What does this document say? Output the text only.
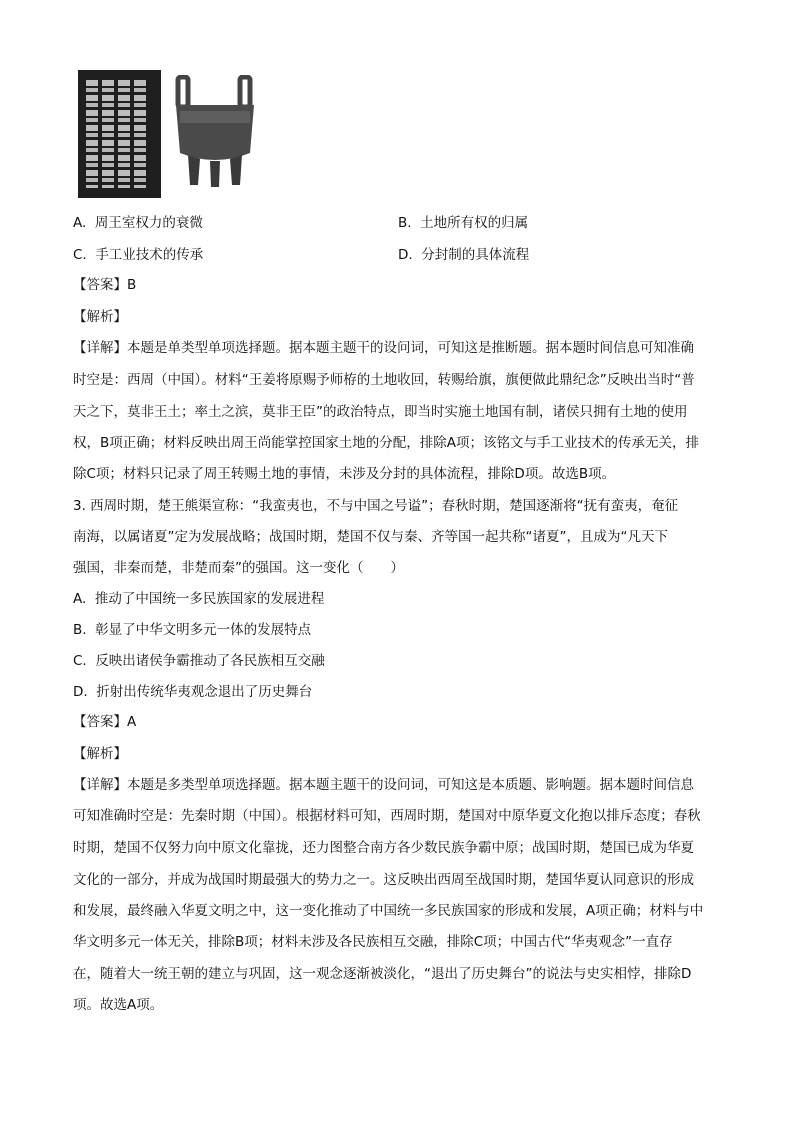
A. 周王室权力的衰微	B. 土地所有权的归属
C. 手工业技术的传承	D. 分封制的具体流程
【答案】B
【解析】
【详解】本题是单类型单项选择题。据本题主题干的设问词，可知这是推断题。据本题时间信息可知准确
时空是：西周（中国）。材料“王姜将原赐予师栫的土地收回，转赐给旗，旗便做此鼎纪念”反映出当时“普
天之下，莫非王土；率土之滨，莫非王臣”的政治特点，即当时实施土地国有制，诸侯只拥有土地的使用
权，B项正确；材料反映出周王尚能掌控国家土地的分配，排除A项；该铭文与手工业技术的传承无关，排
除C项；材料只记录了周王转赐土地的事情，未涉及分封的具体流程，排除D项。故选B项。
3. 西周时期，楚王熊渠宣称：“我蛮夷也，不与中国之号谥”；春秋时期，楚国逐渐将“抚有蛮夷，奄征
南海，以属诸夏”定为发展战略；战国时期，楚国不仅与秦、齐等国一起共称“诸夏”，且成为“凡天下
强国，非秦而楚，非楚而秦”的强国。这一变化（　　）
A. 推动了中国统一多民族国家的发展进程
B. 彰显了中华文明多元一体的发展特点
C. 反映出诸侯争霸推动了各民族相互交融
D. 折射出传统华夷观念退出了历史舞台
【答案】A
【解析】
【详解】本题是多类型单项选择题。据本题主题干的设问词，可知这是本质题、影响题。据本题时间信息
可知准确时空是：先秦时期（中国）。根据材料可知，西周时期，楚国对中原华夏文化抱以排斥态度；春秋
时期，楚国不仅努力向中原文化靠拢，还力图整合南方各少数民族争霸中原；战国时期，楚国已成为华夏
文化的一部分，并成为战国时期最强大的势力之一。这反映出西周至战国时期，楚国华夏认同意识的形成
和发展，最终融入华夏文明之中，这一变化推动了中国统一多民族国家的形成和发展，A项正确；材料与中
华文明多元一体无关，排除B项；材料未涉及各民族相互交融，排除C项；中国古代“华夷观念”一直存
在，随着大一统王朝的建立与巩固，这一观念逐渐被淡化，“退出了历史舞台”的说法与史实相悖，排除D
项。故选A项。
